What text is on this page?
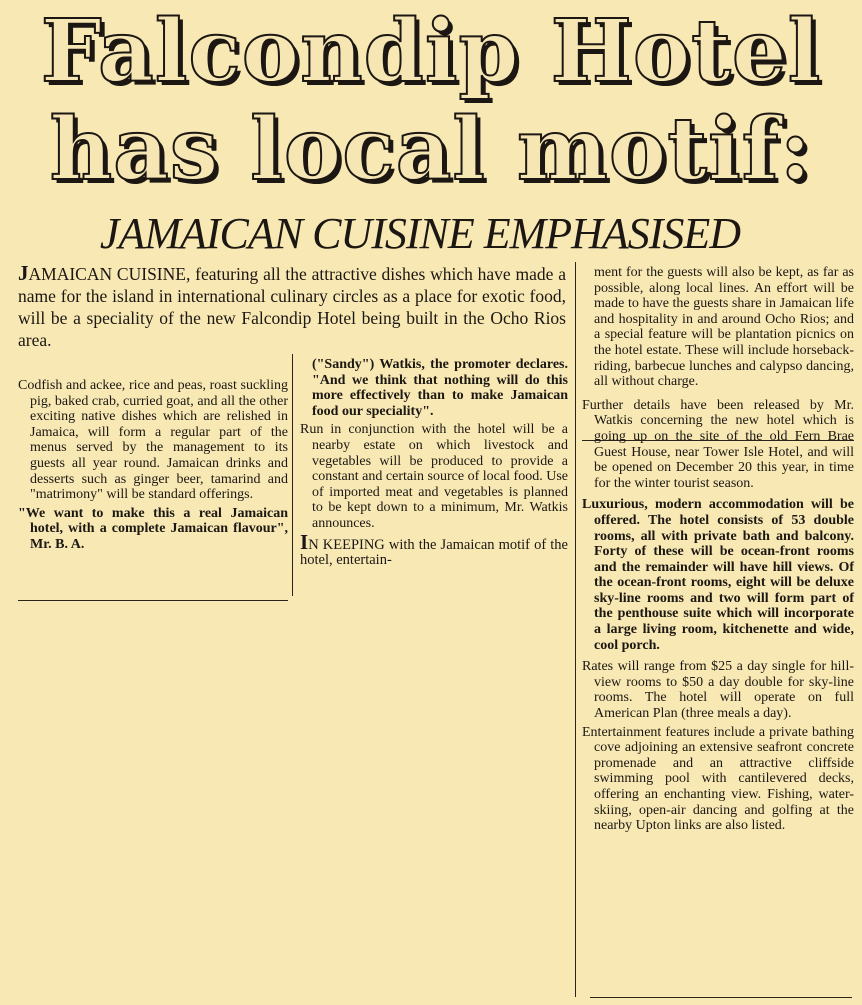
Falcondip Hotel
has local motif:
JAMAICAN CUISINE EMPHASISED

JAMAICAN CUISINE, featuring all the attractive dishes which have made a name for the island in international culinary circles as a place for exotic food, will be a speciality of the new Falcondip Hotel being built in the Ocho Rios area.

Codfish and ackee, rice and peas, roast suckling pig, baked crab, curried goat, and all the other exciting native dishes which are relished in Jamaica, will form a regular part of the menus served by the management to its guests all year round. Jamaican drinks and desserts such as ginger beer, tamarind and "matrimony" will be standard offerings.

"We want to make this a real Jamaican hotel, with a complete Jamaican flavour", Mr. B. A.

("Sandy") Watkis, the promoter declares. "And we think that nothing will do this more effectively than to make Jamaican food our speciality".

Run in conjunction with the hotel will be a nearby estate on which livestock and vegetables will be produced to provide a constant and certain source of local food. Use of imported meat and vegetables is planned to be kept down to a minimum, Mr. Watkis announces.

IN KEEPING with the Jamaican motif of the hotel, entertain-

ment for the guests will also be kept, as far as possible, along local lines. An effort will be made to have the guests share in Jamaican life and hospitality in and around Ocho Rios; and a special feature will be plantation picnics on the hotel estate. These will include horseback-riding, barbecue lunches and calypso dancing, all without charge.

Further details have been released by Mr. Watkis concerning the new hotel which is going up on the site of the old Fern Brae Guest House, near Tower Isle Hotel, and will be opened on December 20 this year, in time for the winter tourist season.

Luxurious, modern accommodation will be offered. The hotel consists of 53 double rooms, all with private bath and balcony. Forty of these will be ocean-front rooms and the remainder will have hill views. Of the ocean-front rooms, eight will be deluxe sky-line rooms and two will form part of the penthouse suite which will incorporate a large living room, kitchenette and wide, cool porch.

Rates will range from $25 a day single for hill-view rooms to $50 a day double for sky-line rooms. The hotel will operate on full American Plan (three meals a day).

Entertainment features include a private bathing cove adjoining an extensive seafront concrete promenade and an attractive cliffside swimming pool with cantilevered decks, offering an enchanting view. Fishing, water-skiing, open-air dancing and golfing at the nearby Upton links are also listed.
